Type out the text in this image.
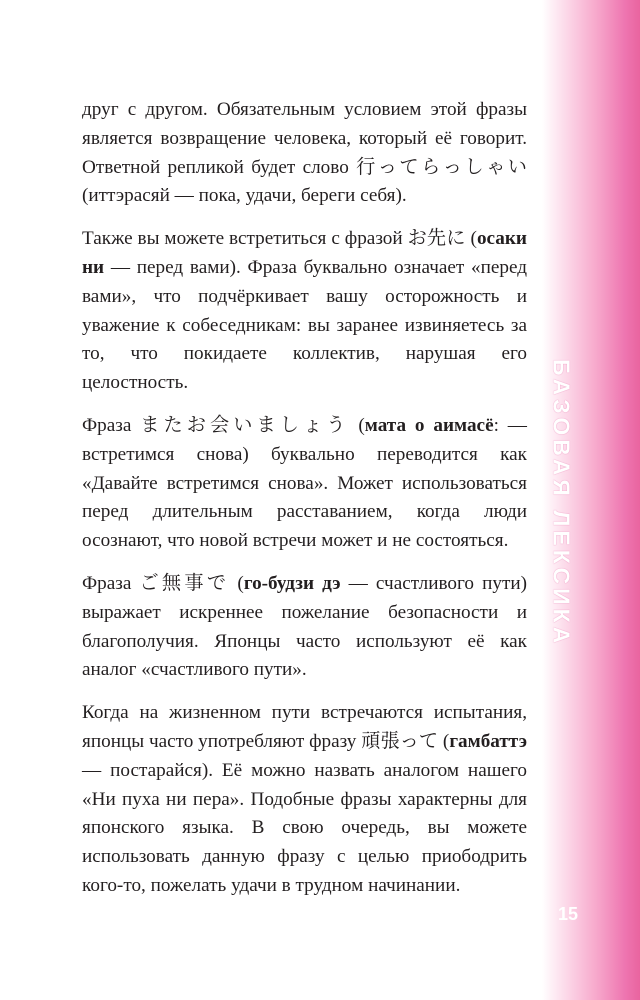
друг с другом. Обязательным условием этой фразы является возвращение человека, который её говорит. Ответной репликой будет слово 行ってらっしゃい (иттэрасяй — пока, удачи, береги себя).

Также вы можете встретиться с фразой お先に (осаки ни — перед вами). Фраза буквально означает «перед вами», что подчёркивает вашу осторожность и уважение к собеседникам: вы заранее извиняетесь за то, что покидаете коллектив, нарушая его целостность.

Фраза またお会いましょう (мата о аимасё: — встретимся снова) буквально переводится как «Давайте встретимся снова». Может использоваться перед длительным расставанием, когда люди осознают, что новой встречи может и не состояться.

Фраза ご無事で (го-будзи дэ — счастливого пути) выражает искреннее пожелание безопасности и благополучия. Японцы часто используют её как аналог «счастливого пути».

Когда на жизненном пути встречаются испытания, японцы часто употребляют фразу 頑張って (гамбаттэ — постарайся). Её можно назвать аналогом нашего «Ни пуха ни пера». Подобные фразы характерны для японского языка. В свою очередь, вы можете использовать данную фразу с целью приободрить кого-то, пожелать удачи в трудном начинании.

БАЗОВАЯ ЛЕКСИКА
15
